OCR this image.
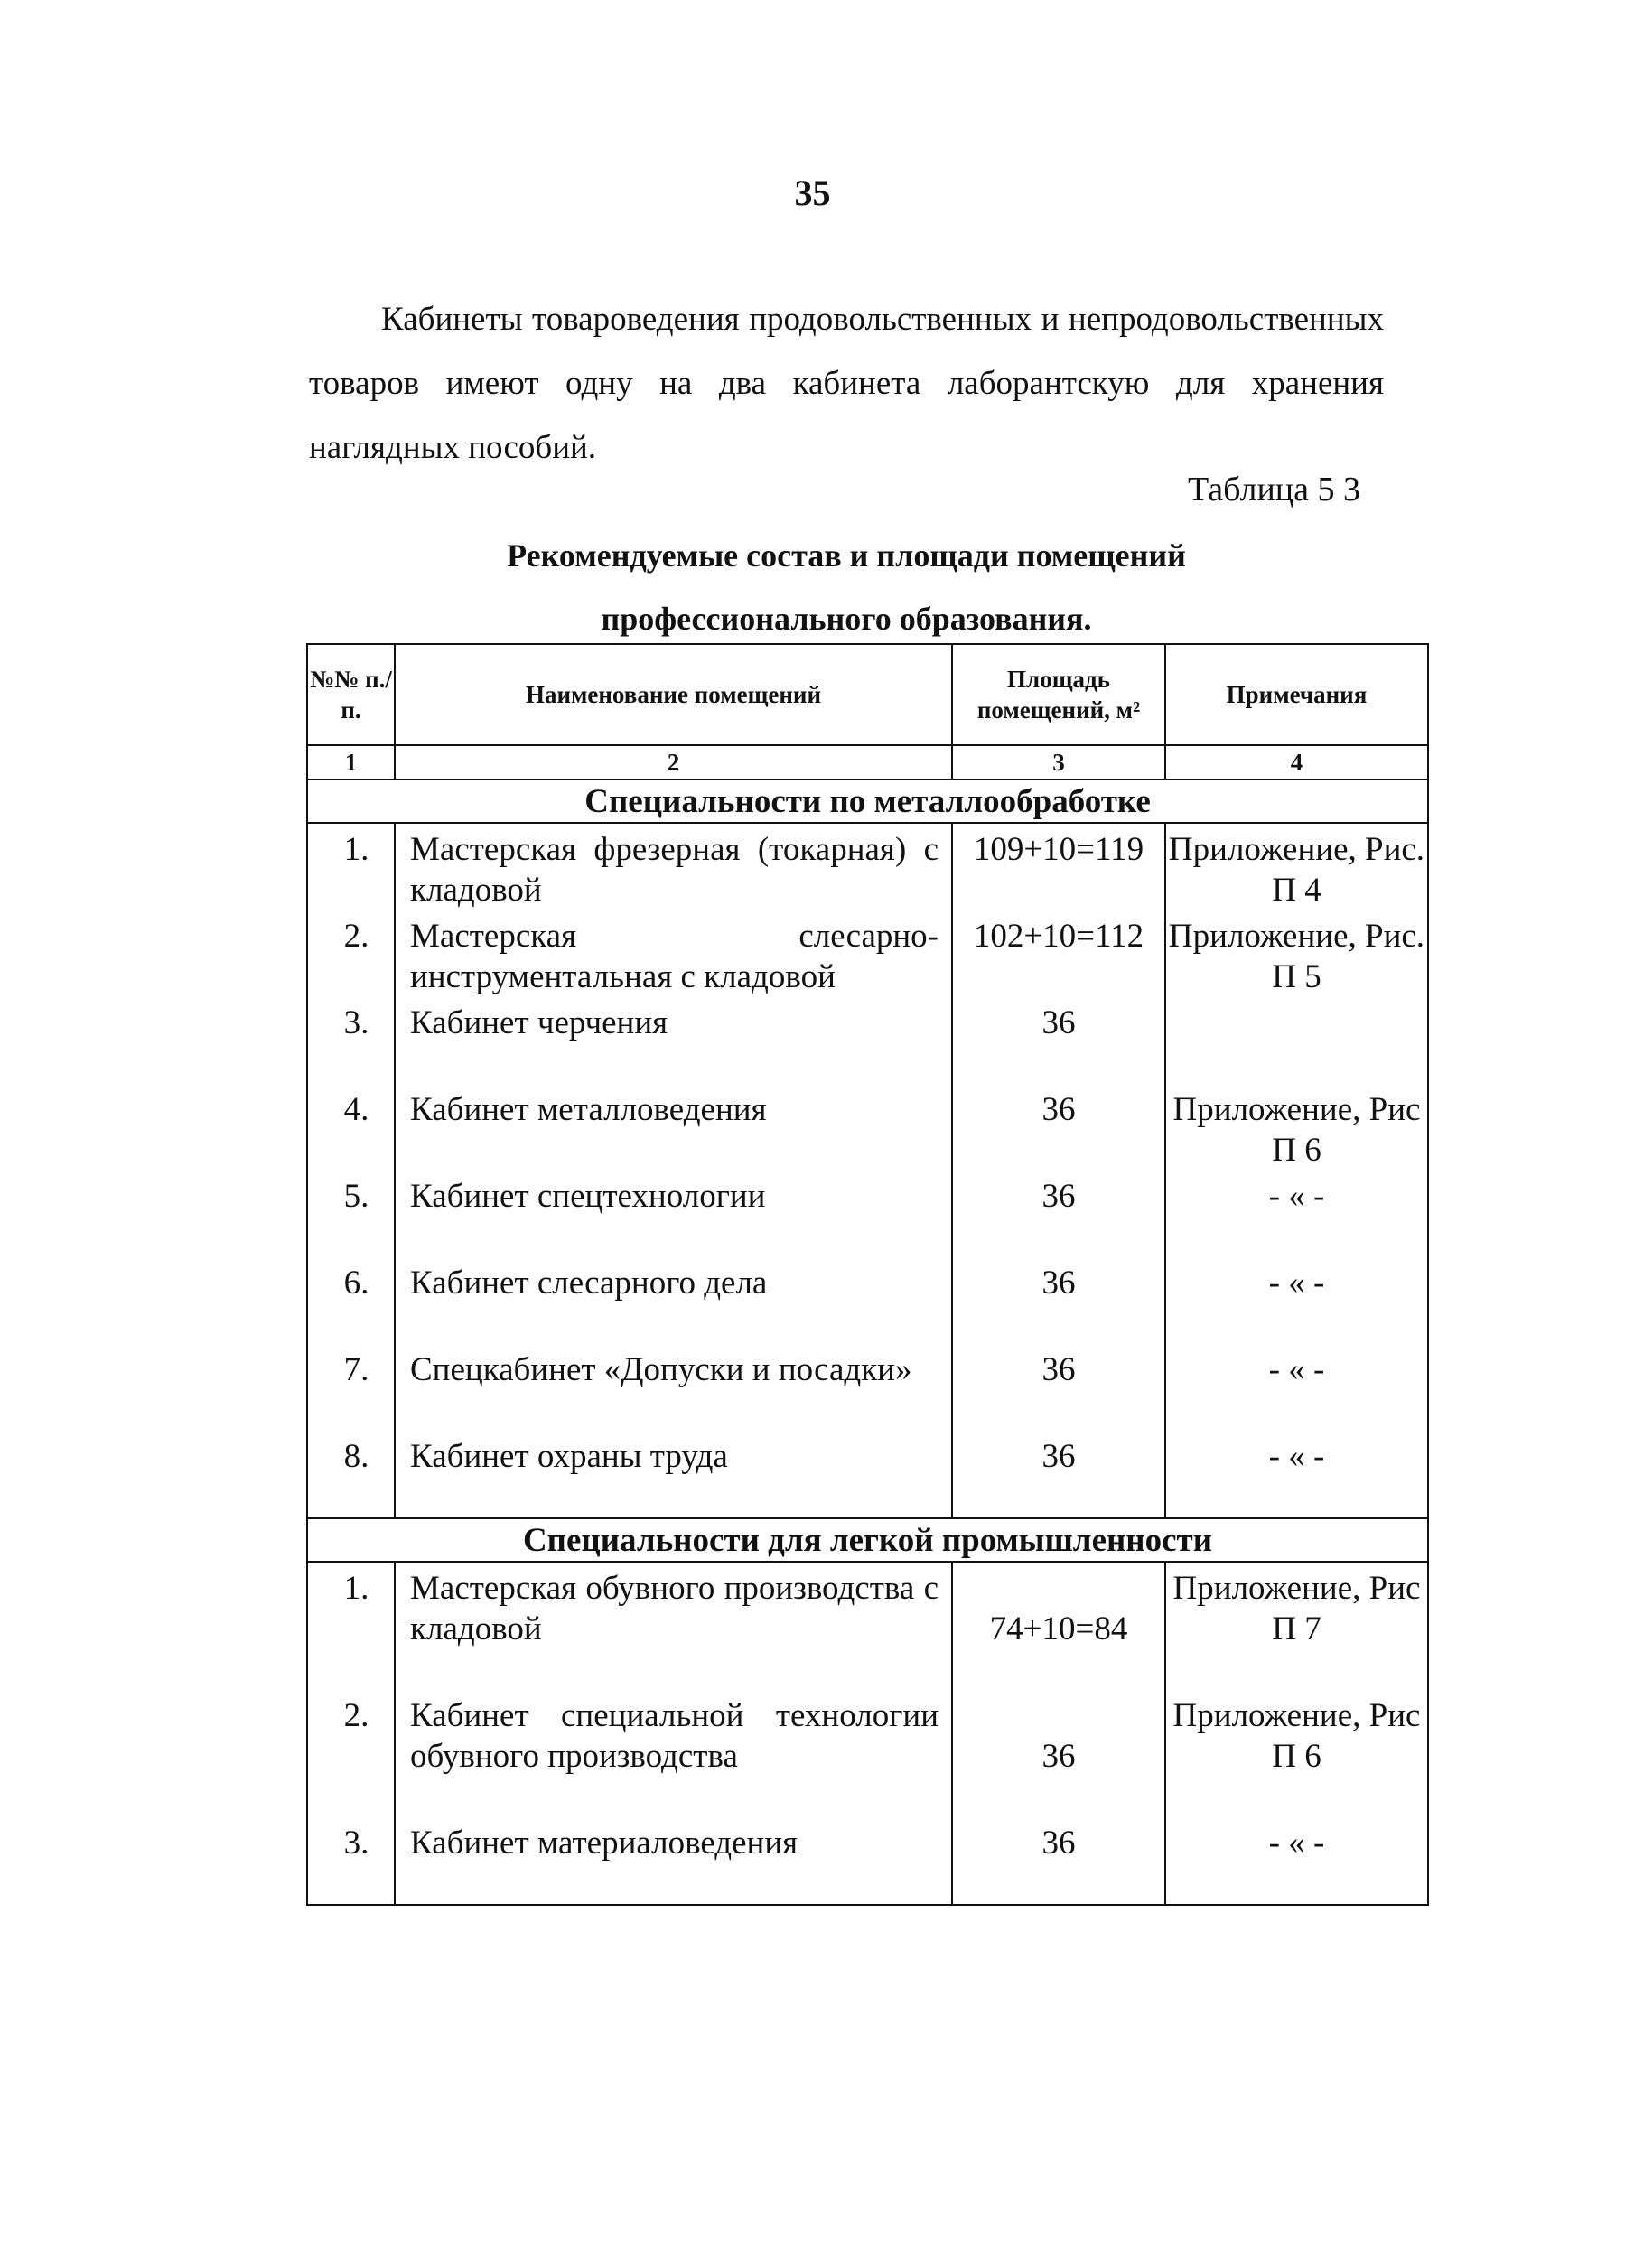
35

Кабинеты товароведения продовольственных и непродовольственных товаров имеют одну на два кабинета лаборантскую для хранения наглядных пособий.

Таблица 5 3
Рекомендуемые состав и площади помещений
профессионального образования.
№№ п./п.	Наименование помещений	Площадь помещений, м²	Примечания
1	2	3	4
Специальности по металлообработке			
1.	Мастерская фрезерная (токарная) с кладовой	109+10=119	Приложение, Рис. П 4
2.	Мастерская слесарно-инструментальная с кладовой	102+10=112	Приложение, Рис. П 5
3.	Кабинет черчения	36	
4.	Кабинет металловедения	36	Приложение, Рис П 6
5.	Кабинет спецтехнологии	36	- « -
6.	Кабинет слесарного дела	36	- « -
7.	Спецкабинет «Допуски и посадки»	36	- « -
8.	Кабинет охраны труда	36	- « -
Специальности для легкой промышленности			
1.	Мастерская обувного производства с кладовой	74+10=84	Приложение, Рис П 7
2.	Кабинет специальной технологии обувного производства	36	Приложение, Рис П 6
3.	Кабинет материаловедения	36	- « -
